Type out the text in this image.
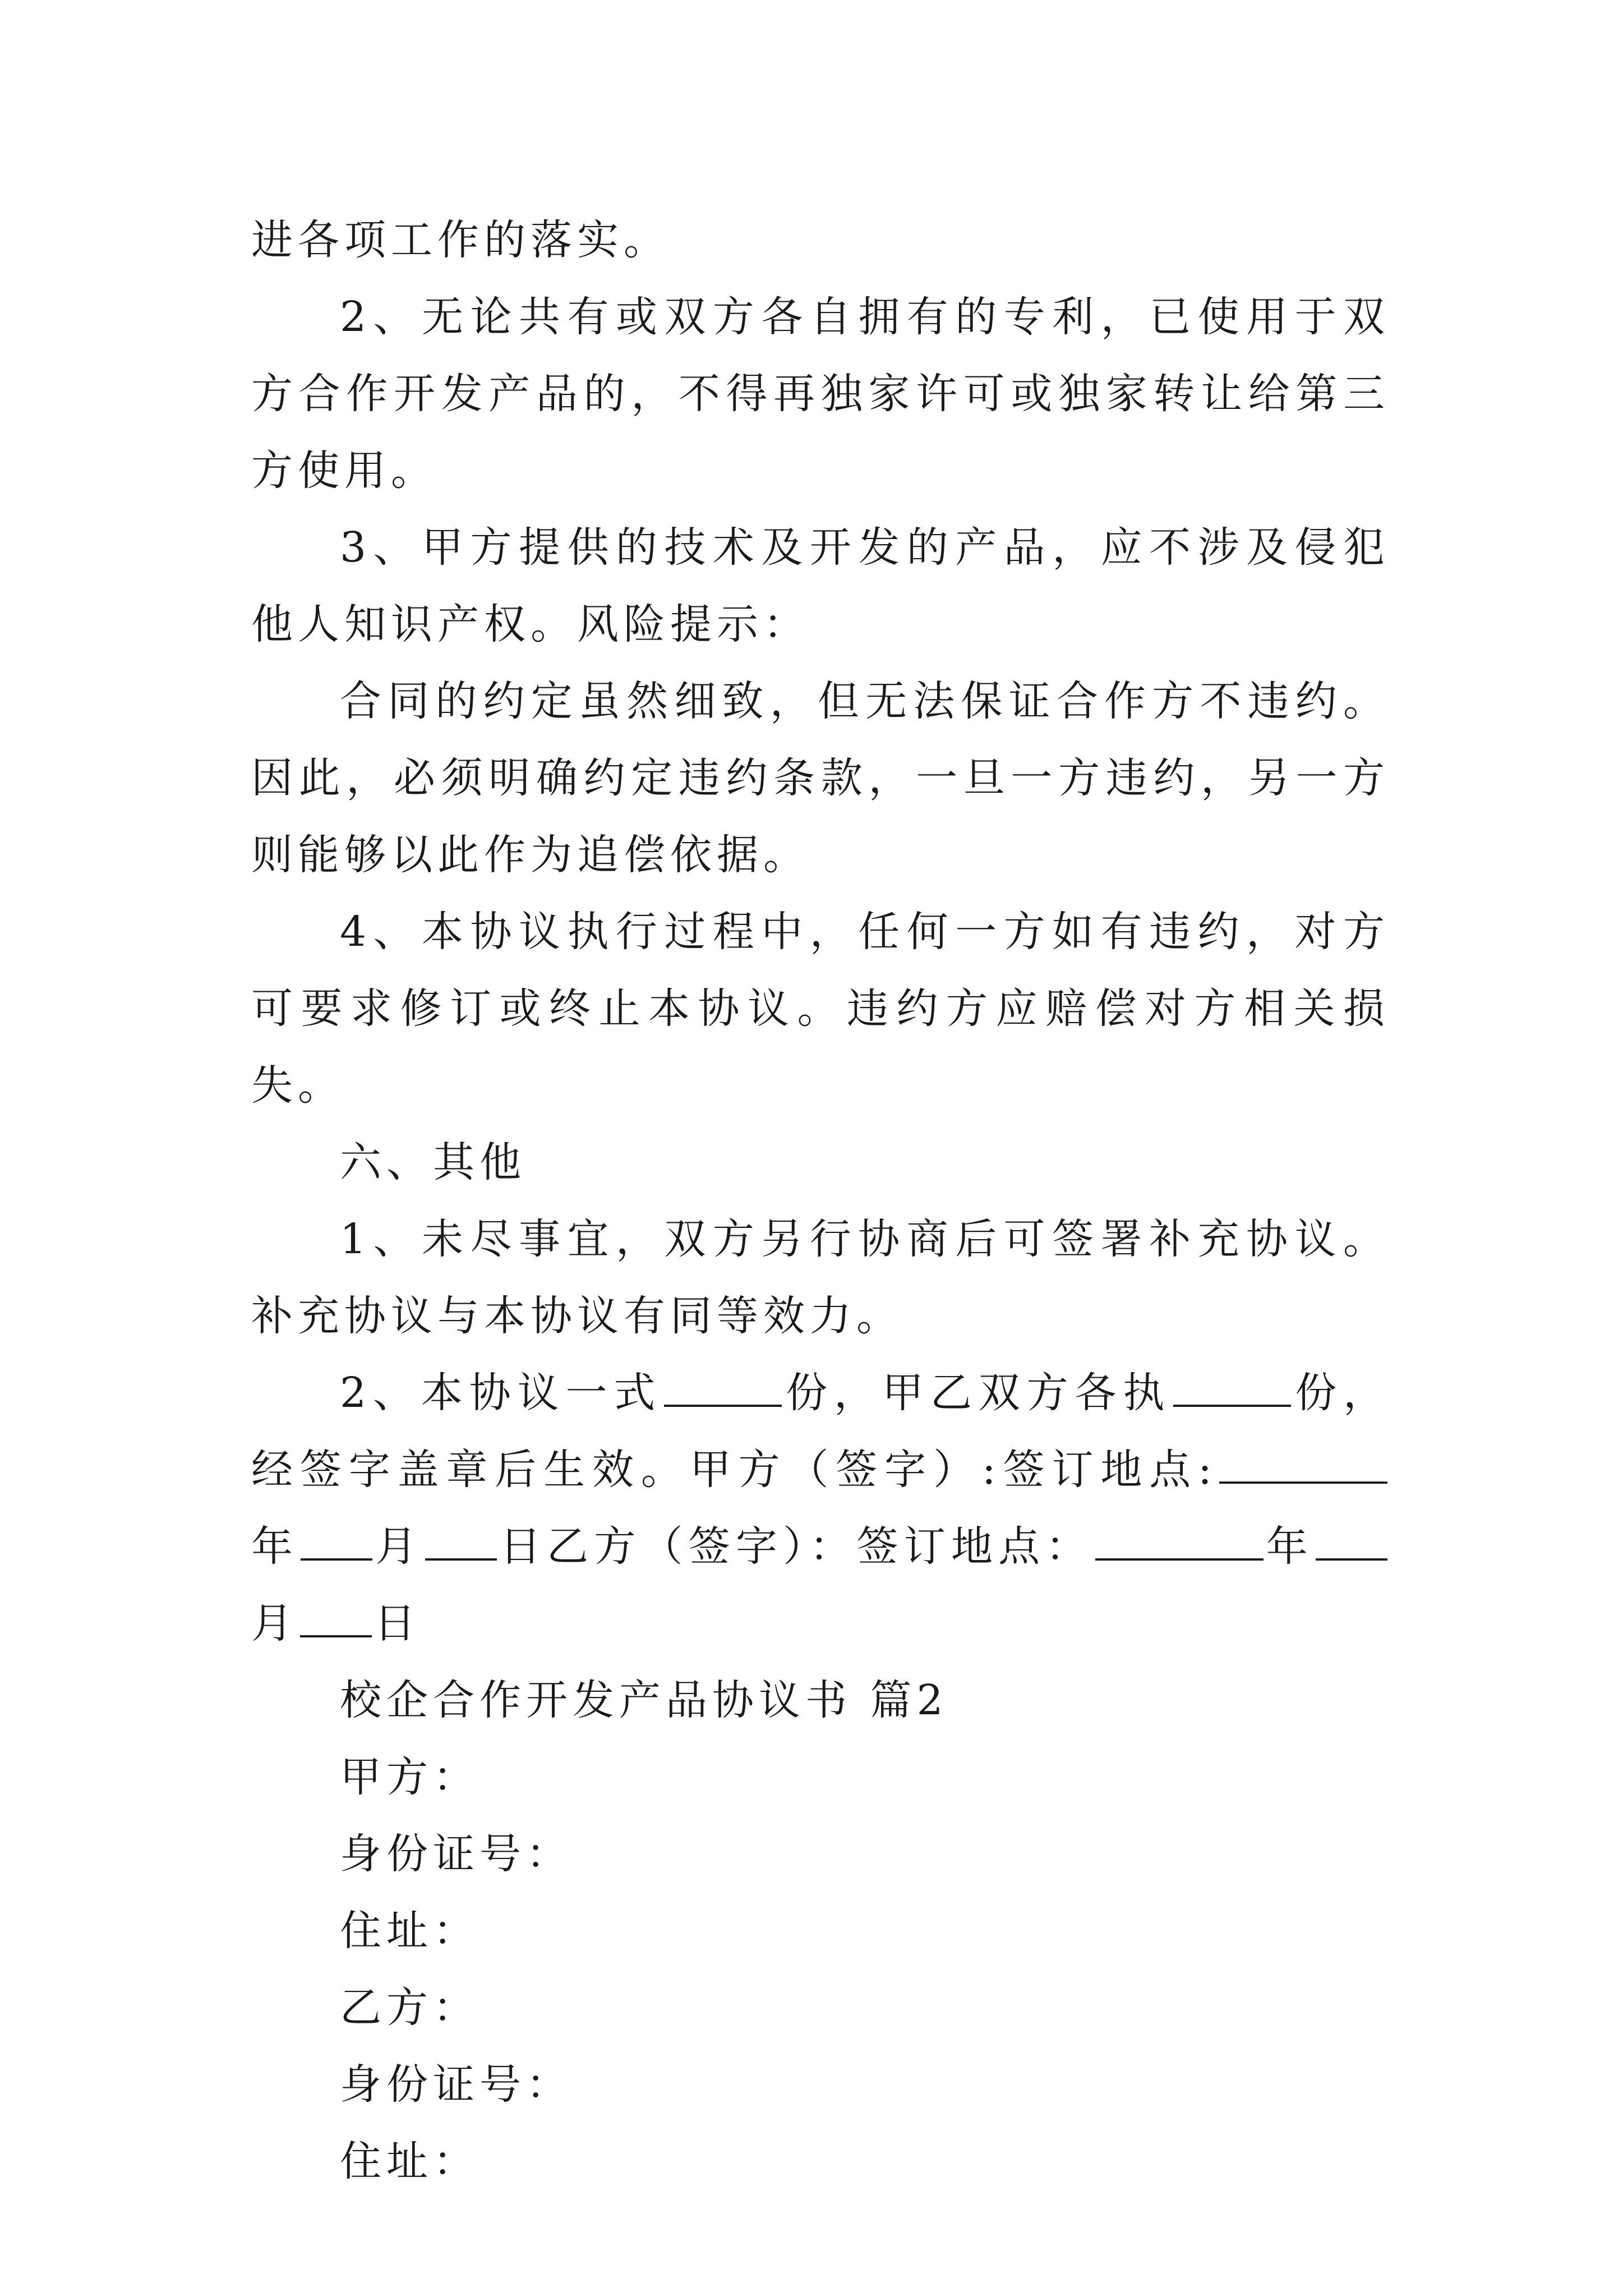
进各项工作的落实。

2、无论共有或双方各自拥有的专利，已使用于双方合作开发产品的，不得再独家许可或独家转让给第三方使用。

3、甲方提供的技术及开发的产品，应不涉及侵犯他人知识产权。风险提示：

合同的约定虽然细致，但无法保证合作方不违约。因此，必须明确约定违约条款，一旦一方违约，另一方则能够以此作为追偿依据。

4、本协议执行过程中，任何一方如有违约，对方可要求修订或终止本协议。违约方应赔偿对方相关损失。

六、其他

1、未尽事宜，双方另行协商后可签署补充协议。补充协议与本协议有同等效力。

2、本协议一式	份，甲乙双方各执	份，经签字盖章后生效。甲方（签字）:签订地点:年 月 日乙方（签字）：签订地点：	年月 日

校企合作开发产品协议书 篇2

甲方：

身份证号：

住址：

乙方：

身份证号：

住址：
